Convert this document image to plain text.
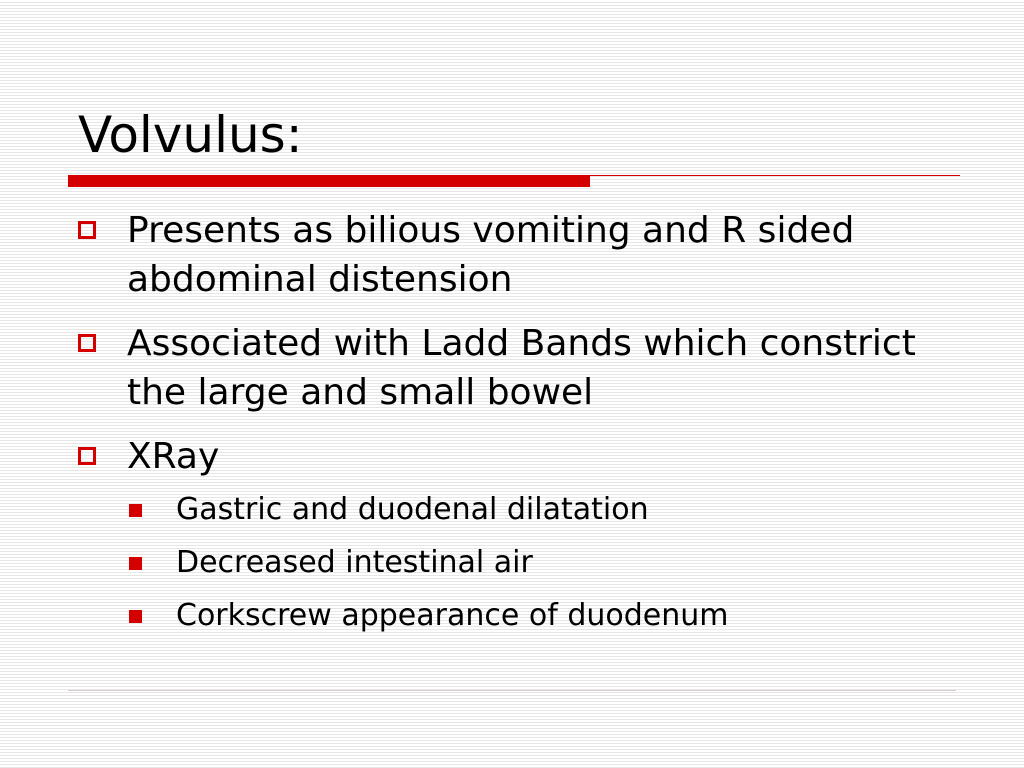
Volvulus:
Presents as bilious vomiting and R sided abdominal distension
Associated with Ladd Bands which constrict the large and small bowel
XRay
Gastric and duodenal dilatation
Decreased intestinal air
Corkscrew appearance of duodenum
